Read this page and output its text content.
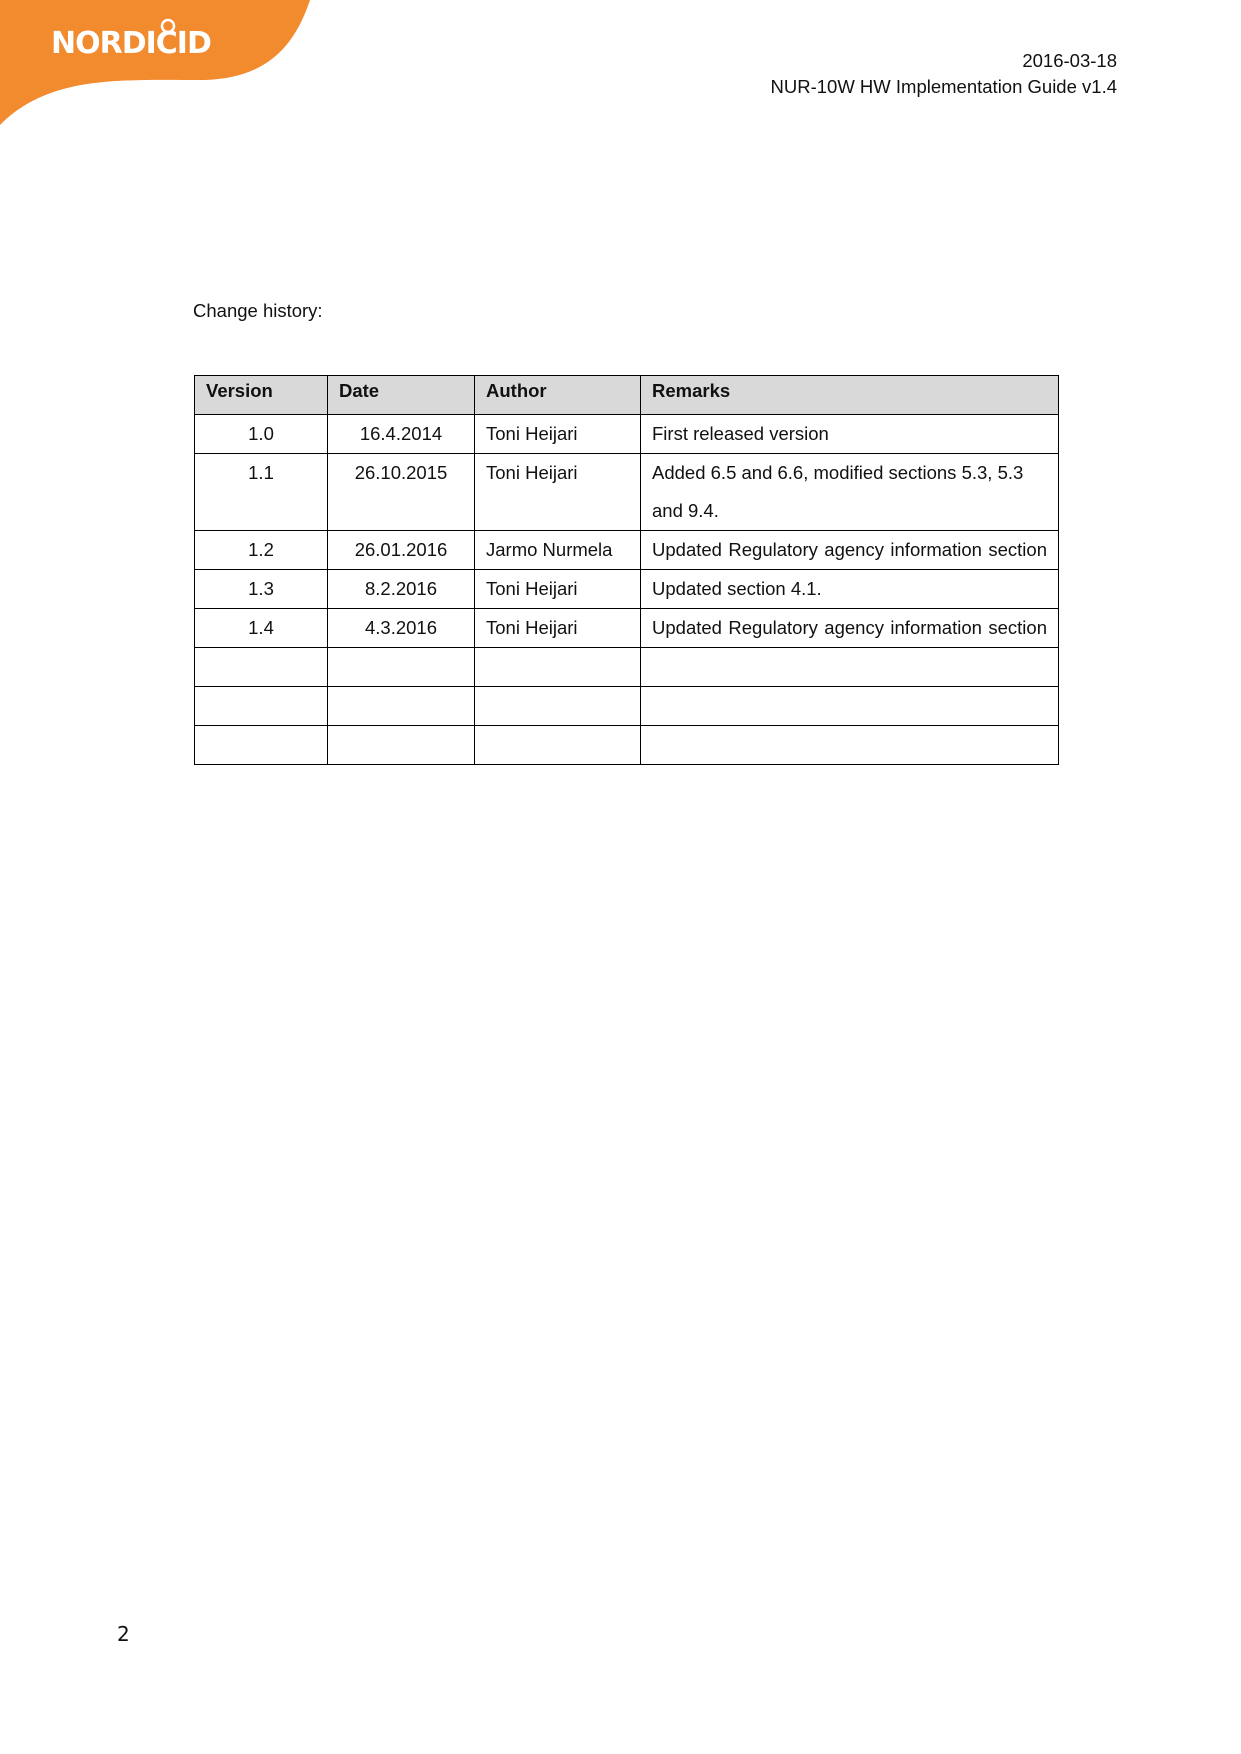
NORDICID	2016-03-18
NUR-10W HW Implementation Guide v1.4
Change history:
Version	Date	Author	Remarks
1.0	16.4.2014	Toni Heijari	First released version
1.1	26.10.2015	Toni Heijari	Added 6.5 and 6.6, modified sections 5.3, 5.3 and 9.4.
1.2	26.01.2016	Jarmo Nurmela	Updated Regulatory agency information section
1.3	8.2.2016	Toni Heijari	Updated section 4.1.
1.4	4.3.2016	Toni Heijari	Updated Regulatory agency information section

2
